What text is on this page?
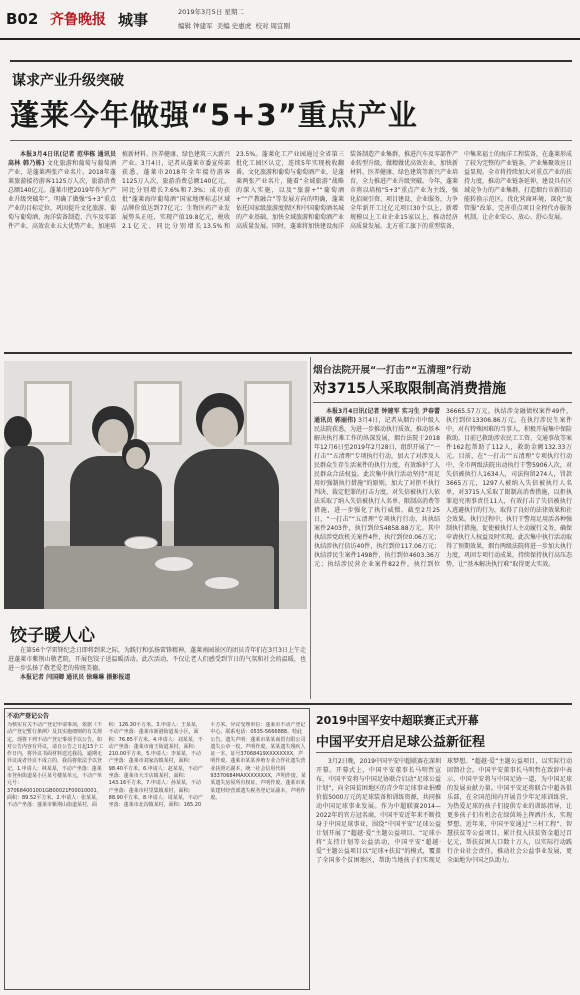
B02 齐鲁晚报 城事	2019年3月5日 星期二
编辑 钟建军 美编 史惠虎 校对 周宜刚
谋求产业升级突破
蓬莱今年做强“5+3”重点产业

本报3月4日讯(记者 范华栋 通讯员 高林 韩乃栋) 文化旅游和葡萄与葡萄酒产业，是蓬莱两张产业名片。2018年蓬莱旅游接待游客1125万人次，旅游消费总额140亿元。蓬莱市把2019年作为“产业升级突破年”，明确了做强“5+3”重点产业的目标定位，巩固提升文化旅游、葡萄与葡萄酒、海洋装备制造、汽车及零部件产业，高效农业五大优势产业，加速培植新材料、医养健康、绿色建筑三大新兴产业。3月4日，记者从蓬莱市委宣传部获悉，蓬莱市2018年全年接待游客1125万人次，旅游消费总额140亿元，同比分别增长7.6%和7.3%；成功获批“蓬莱海岸葡萄酒”国家地理标志区域品牌价值达到77亿元；生物医药产业发展势头正旺，实现产值19.8亿元，税收2.1亿元，同比分别增长13.5%和23.5%。蓬莱化工产业园通过全省第三批化工园区认定，连续5年实现税收翻番。文化旅游和葡萄与葡萄酒产业，是蓬莱两张产业名片，随着“全域旅游”战略的深入实施，以及“旅游+”“葡萄酒+”“产教融合”等发展方向的明确，蓬莱依托国家级旅游度假区和中国葡萄酒名城的产业基础，加快全域旅游和葡萄酒产业高质量发展。同时，蓬莱将加快建设海洋装备制造产业集群，推进汽车及零部件产业转型升级，做精做优高效农业，加快新材料、医养健康、绿色建筑等新兴产业培育，全力推进产业升级突破。今年，蓬莱市将以培植“5+3”重点产业为主线，强化招商引资、项目建设、企业服务，力争全年新开工过亿元项目30个以上，新增规模以上工业企业15家以上，推动经济高质量发展。北方重工旗下的重型装备、中集来福士的海洋工程装备，在蓬莱形成了较为完整的产业链条，产业集聚效应日益显现。全市将持续加大对重点产业的扶持力度，推动产业链条延伸，建设具有区域竞争力的产业集群，打造烟台市新旧动能转换示范区。优化营商环境，深化“放管服”改革，完善重点项目全程代办服务机制，让企业安心、放心、舒心发展。

饺子暖人心

在第56个学雷锋纪念日即将到来之际，为践行和弘扬雷锋精神，蓬莱南园景区的团员青年们在3月3日上午走进蓬莱市紫荆山敬老院，开展包饺子送温暖活动。此次活动，不仅让老人们感受到节日的气氛和社会的温暖，也进一步弘扬了敬老爱老的传统美德。

本报记者 闫国卿 通讯员 徐琳琳 摄影报道

烟台法院开展“一打击”“五清理”行动
对3715人采取限制高消费措施

本报3月4日讯(记者 钟建军 实习生 尹春蕾 通讯员 郭丽伟) 3月4日，记者从烟台市中级人民法院获悉，为进一步推动执行质效，推动基本解决执行难工作的纵深发展，烟台法院于2018年12月6日至2019年2月28日，组织开展了“一打击”“五清理”专项执行行动，加大了对涉及人民群众生存生活案件的执行力度，有效维护了人民群众合法权益。此次集中执行活动坚持“用足用好强制执行措施”的原则，加大了对拒不执行判决、裁定犯罪的打击力度，对失信被执行人依法采取了纳入失信被执行人名单、限制高消费等措施，进一步强化了执行威慑。截至2月25日，“一打击”“五清理”专项执行行动，共执结案件2403件，执行到位54858.88万元。其中执结涉党政机关案件4件，执行到位0.06万元；执结涉执行信访40件，执行到位117.06万元；执结涉民生案件1498件，执行到位4603.36万元；执结涉民营企业案件822件，执行到位36665.57万元。执结涉金融债权案件49件，执行到位13306.86万元，在执行涉民生案件中，对有特殊困难的当事人，积极开展集中保险救助，目前已救助涉农民工工资、交通事故等案件162起帮助了112人，救助金额132.33万元。目前，在“一打击”“五清理”专项执行行动中，全市两级法院出动执行干警5906人次，对失信被执行人1634人，司法拘留274人，罚款3665万元，1297人被纳入失信被执行人名单，对3715人采取了限制高消费措施，以拒执罪追究刑事责任11人，有效打击了失信被执行人逃避执行的行为，取得了良好的法律效果和社会效果。执行过程中，执行干警用足用活各种强制执行措施，促使被执行人主动履行义务，确保申请执行人权益及时实现。此次集中执行活动取得了预期效果，烟台两级法院将进一步加大执行力度，巩固专项行动成果，持续保持执行高压态势，让“基本解决执行难”取得更大实效。

不动产登记公告

为核实有关不动产登记申请事项，依据《不动产登记暂行条例》及其实施细则的有关规定，现将下列不动产登记事项予以公告。如对公告内容有异议，请自公告之日起15个工作日内，将异议书面材料送达我局，逾期无异议或者异议不成立的，我局将依法予以登记。1.申请人：林某某，不动产坐落：蓬莱市登州街道某小区某号楼某单元，不动产单元号：370684001001GB00021F00010001，面积：89.52平方米。2.申请人：张某某，不动产坐落：蓬莱市紫荆山街道某村，面积：126.30平方米。3.申请人：王某某，不动产坐落：蓬莱市新港街道某小区，面积：76.85平方米。4.申请人：刘某某，不动产坐落：蓬莱市南王街道某村，面积：210.00平方米。5.申请人：李某某，不动产坐落：蓬莱市刘家沟镇某村，面积：98.40平方米。6.申请人：赵某某，不动产坐落：蓬莱市大辛店镇某村，面积：143.16平方米。7.申请人：孙某某，不动产坐落：蓬莱市村里集镇某村，面积：88.90平方米。8.申请人：周某某，不动产坐落：蓬莱市北沟镇某村，面积：165.20平方米。异议受理单位：蓬莱市不动产登记中心。联系电话：0535-5666888。特此公告。遗失声明：蓬莱市某某商贸有限公司遗失公章一枚，声明作废。某某遗失残疾人证一本，证号37068419XXXXXXXX，声明作废。蓬莱市某某养殖专业合作社遗失营业执照正副本，统一社会信用代码93370684MAXXXXXXXX，声明作废。某某遗失房屋所有权证，声明作废。蓬莱市某某建材经营部遗失税务登记证副本，声明作废。

2019中国平安中超联赛正式开幕
中国平安开启足球公益新征程

3月2日晚，2019中国平安中超联赛在深圳开幕。开幕式上，中国平安董事长马明哲宣布，中国平安将与中国足协联合启动“足球公益计划”，向全国贫困地区的青少年足球事业捐赠价值5000万元的足球装备和训练资源，共同推动中国足球事业发展。作为中超联赛2014—2022年的官方冠名商，中国平安近年来不断投身于中国足球事业，围绕“中国平安”足球公益计划开展了“超越·爱”主题公益项目、“足球小将”支持计划等公益活动，中国平安“超越·爱”主题公益项目以“足球+扶贫”的模式，覆盖了全国多个贫困地区，帮助当地孩子们实现足球梦想。“超越·爱”主题公益项目，以实际行动回馈社会。中国平安董事长马明哲在致辞中表示，中国平安将与中国足协一道，为中国足球的发展贡献力量。中国平安还将联合中超各俱乐部，在全国范围内开展青少年足球训练营，为热爱足球的孩子们提供专业的训练指导，让更多孩子们有机会在绿茵场上挥洒汗水，实现梦想。近年来，中国平安通过“三村工程”、智慧扶贫等公益项目，累计投入扶贫资金超过百亿元，帮扶贫困人口数十万人，以实际行动践行企业社会责任，推动社会公益事业发展，更全面地为中国之队助力。
